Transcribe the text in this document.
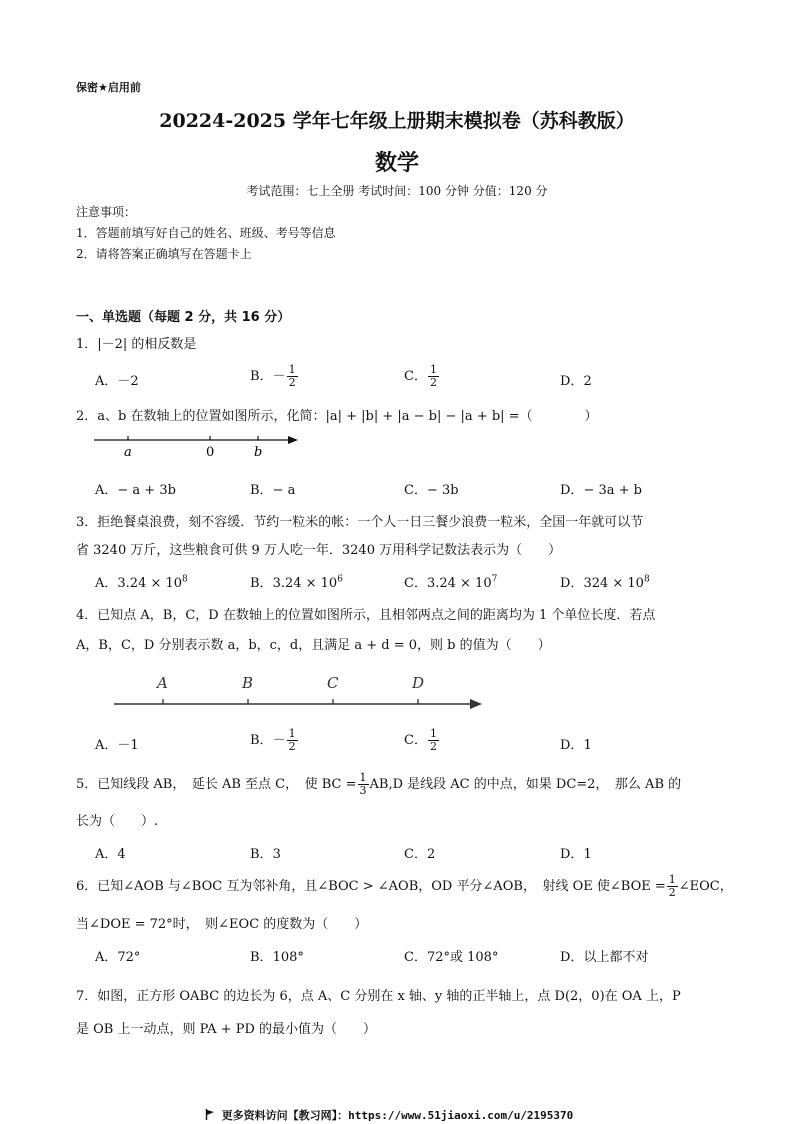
保密★启用前
20224-2025 学年七年级上册期末模拟卷（苏科教版）
数学
考试范围：七上全册 考试时间：100 分钟 分值：120 分
注意事项：
1．答题前填写好自己的姓名、班级、考号等信息
2．请将答案正确填写在答题卡上
一、单选题（每题 2 分，共 16 分）
1．|－2| 的相反数是
A．－2	B．－ $\frac{1}{2}$	C． $\frac{1}{2}$	D．2
2．a、b 在数轴上的位置如图所示，化简：|a| + |b| + |a − b| − |a + b| =（　　　　）
a	0	b
A．− a + 3b	B．− a	C．− 3b	D．− 3a + b
3．拒绝餐桌浪费，刻不容缓．节约一粒米的帐：一个人一日三餐少浪费一粒米，全国一年就可以节
省 3240 万斤，这些粮食可供 9 万人吃一年．3240 万用科学记数法表示为（　　）
A．$3.24 \times 10^8$	B．$3.24 \times 10^6$	C．$3.24 \times 10^7$	D．$324 \times 10^8$
4．已知点 A，B，C，D 在数轴上的位置如图所示，且相邻两点之间的距离均为 1 个单位长度．若点
A，B，C，D 分别表示数 a，b，c，d，且满足 a + d = 0，则 b 的值为（　　）
A	B	C	D
A．－1	B．－ $\frac{1}{2}$	C． $\frac{1}{2}$	D．1
5．已知线段 AB，　延长 AB 至点 C，　使 BC = $\frac{1}{3} AB,D$ 是线段 AC 的中点，如果 DC=2，　那么 AB 的
长为（　　）.
A．4	B．3	C．2	D．1
6．已知∠AOB 与∠BOC 互为邻补角，且∠BOC > ∠AOB，OD 平分∠AOB，　射线 OE 使∠BOE = $\frac{1}{2}$ ∠EOC，
当∠DOE = 72°时，　则∠EOC 的度数为（　　）
A．72°	B．108°	C．72°或 108°	D．以上都不对
7．如图，正方形 OABC 的边长为 6，点 A、C 分别在 x 轴、y 轴的正半轴上，点 D(2，0)在 OA 上，P
是 OB 上一动点，则 PA + PD 的最小值为（　　）
更多资料访问【教习网】：https://www.51jiaoxi.com/u/2195370
